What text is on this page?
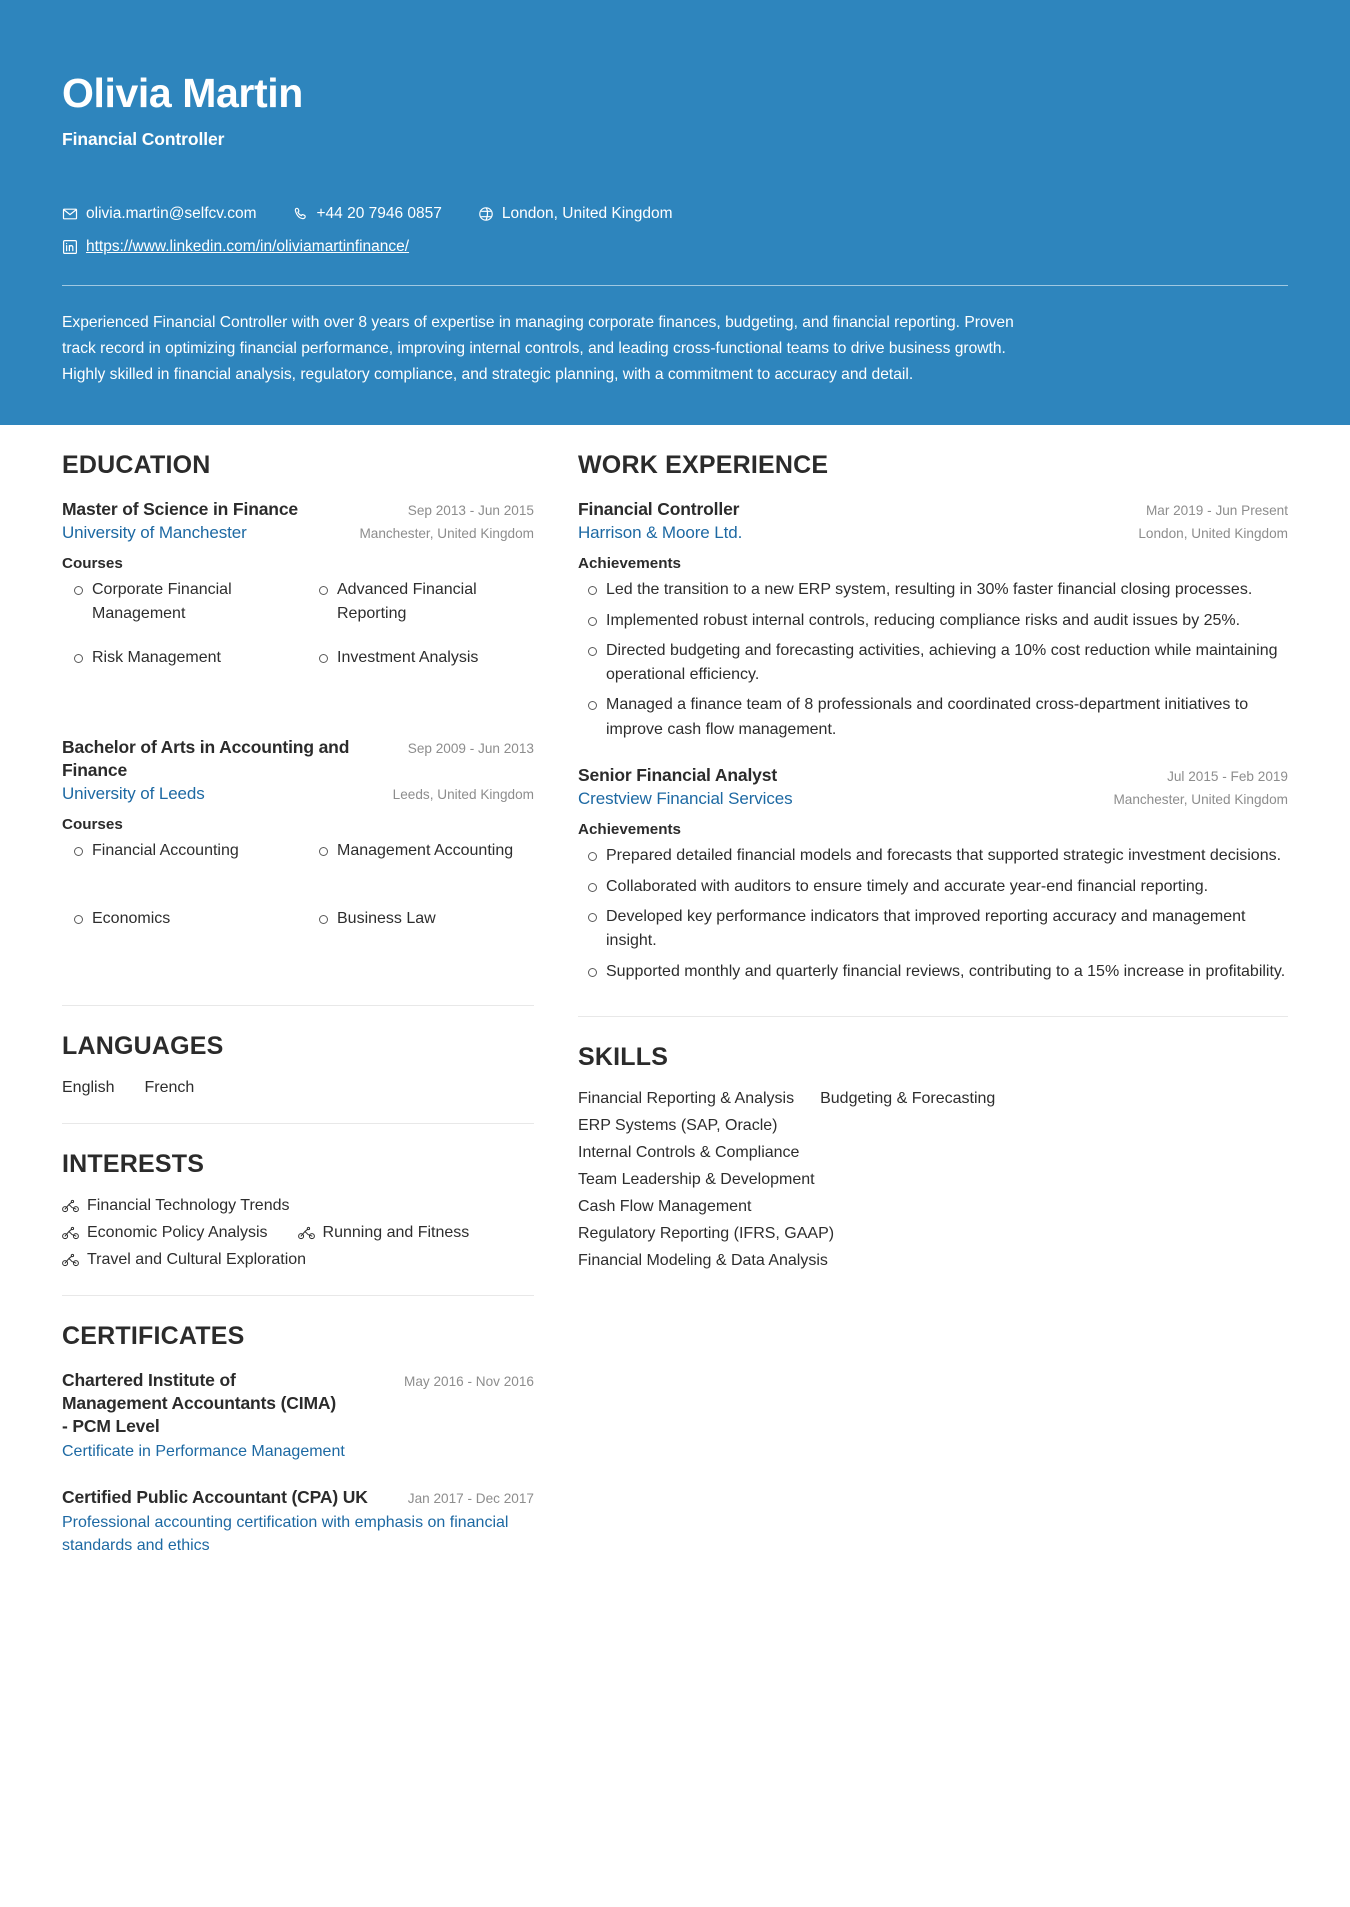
Olivia Martin
Financial Controller
olivia.martin@selfcv.com	+44 20 7946 0857	London, United Kingdom
https://www.linkedin.com/in/oliviamartinfinance/
Experienced Financial Controller with over 8 years of expertise in managing corporate finances, budgeting, and financial reporting. Proven track record in optimizing financial performance, improving internal controls, and leading cross-functional teams to drive business growth. Highly skilled in financial analysis, regulatory compliance, and strategic planning, with a commitment to accuracy and detail.
EDUCATION
Master of Science in Finance	Sep 2013 - Jun 2015
University of Manchester	Manchester, United Kingdom
Courses
Corporate Financial Management
Advanced Financial Reporting
Risk Management	Investment Analysis
Bachelor of Arts in Accounting and Finance
Sep 2009 - Jun 2013
University of Leeds	Leeds, United Kingdom
Courses
Financial Accounting	Management Accounting
Economics	Business Law
LANGUAGES
English French
INTERESTS
Financial Technology Trends
Economic Policy Analysis	Running and Fitness
Travel and Cultural Exploration
CERTIFICATES
Chartered Institute of Management Accountants (CIMA) - PCM Level
May 2016 - Nov 2016
Certificate in Performance Management
Certified Public Accountant (CPA) UK	Jan 2017 - Dec 2017
Professional accounting certification with emphasis on financial standards and ethics
WORK EXPERIENCE
Financial Controller	Mar 2019 - Jun Present
Harrison & Moore Ltd.	London, United Kingdom
Achievements
Led the transition to a new ERP system, resulting in 30% faster financial closing processes.
Implemented robust internal controls, reducing compliance risks and audit issues by 25%.
Directed budgeting and forecasting activities, achieving a 10% cost reduction while maintaining operational efficiency.
Managed a finance team of 8 professionals and coordinated cross-department initiatives to improve cash flow management.
Senior Financial Analyst	Jul 2015 - Feb 2019
Crestview Financial Services	Manchester, United Kingdom
Achievements
Prepared detailed financial models and forecasts that supported strategic investment decisions.
Collaborated with auditors to ensure timely and accurate year-end financial reporting.
Developed key performance indicators that improved reporting accuracy and management insight.
Supported monthly and quarterly financial reviews, contributing to a 15% increase in profitability.
SKILLS
Financial Reporting & Analysis Budgeting & Forecasting
ERP Systems (SAP, Oracle)
Internal Controls & Compliance
Team Leadership & Development
Cash Flow Management
Regulatory Reporting (IFRS, GAAP)
Financial Modeling & Data Analysis
